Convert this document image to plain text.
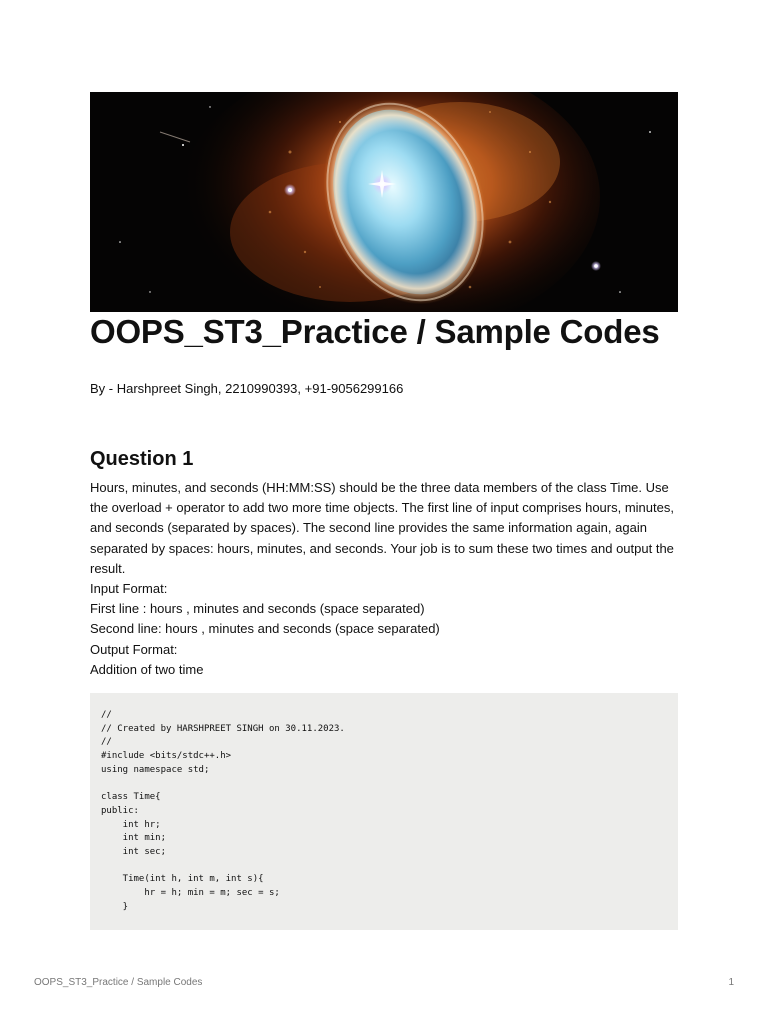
OOPS_ST3_Practice / Sample Codes

By - Harshpreet Singh, 2210990393, +91-9056299166

Question 1

Hours, minutes, and seconds (HH:MM:SS) should be the three data members of the class Time. Use the overload + operator to add two more time objects. The first line of input comprises hours, minutes, and seconds (separated by spaces). The second line provides the same information again, again separated by spaces: hours, minutes, and seconds. Your job is to sum these two times and output the result.

Input Format:

First line : hours , minutes and seconds (space separated)

Second line: hours , minutes and seconds (space separated)

Output Format:

Addition of two time

//
// Created by HARSHPREET SINGH on 30.11.2023.
//
#include <bits/stdc++.h>
using namespace std;

class Time{
public:
int hr;
int min;
int sec;

Time(int h, int m, int s){
hr = h; min = m; sec = s;
}
OOPS_ST3_Practice / Sample Codes	1
